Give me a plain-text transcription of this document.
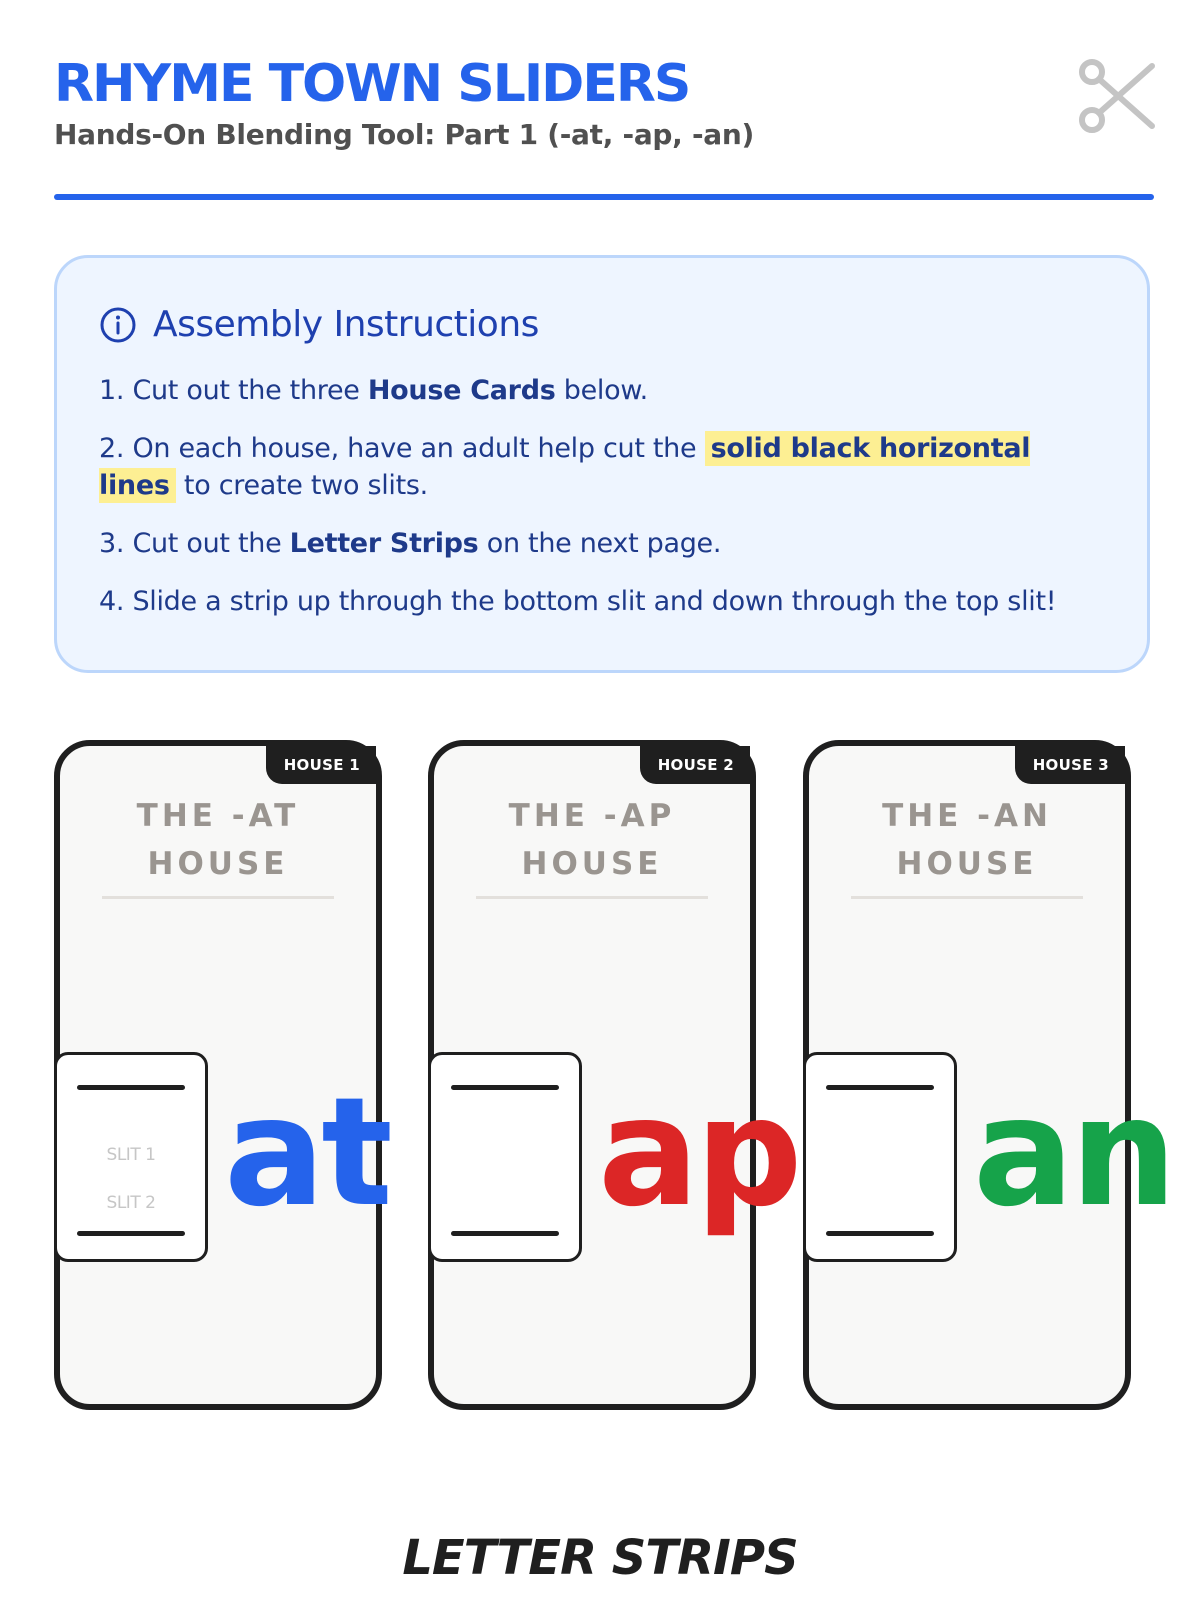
RHYME TOWN SLIDERS
Hands-On Blending Tool: Part 1 (-at, -ap, -an)
Assembly Instructions
1. Cut out the three House Cards below.
2. On each house, have an adult help cut the solid black horizontal lines to create two slits.
3. Cut out the Letter Strips on the next page.
4. Slide a strip up through the bottom slit and down through the top slit!
HOUSE 1
THE -AT
HOUSE
SLIT 1
SLIT 2 at
HOUSE 2
THE -AP
HOUSE
ap
HOUSE 3
THE -AN
HOUSE
an
LETTER STRIPS
